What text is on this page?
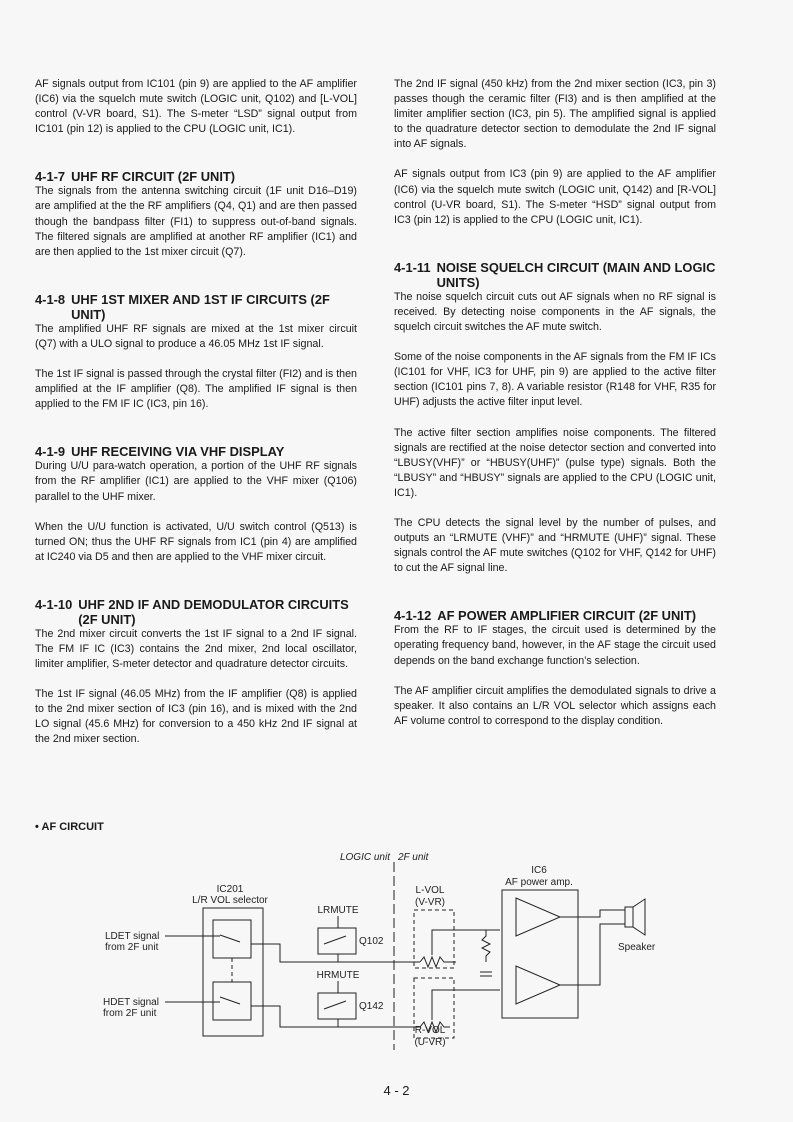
AF signals output from IC101 (pin 9) are applied to the AF amplifier (IC6) via the squelch mute switch (LOGIC unit, Q102) and [L-VOL] control (V-VR board, S1). The S-meter “LSD” signal output from IC101 (pin 12) is applied to the CPU (LOGIC unit, IC1).

4-1-7 UHF RF CIRCUIT (2F UNIT)

The signals from the antenna switching circuit (1F unit D16–D19) are amplified at the the RF amplifiers (Q4, Q1) and are then passed though the bandpass filter (FI1) to suppress out-of-band signals. The filtered signals are amplified at another RF amplifier (IC1) and are then applied to the 1st mixer circuit (Q7).

4-1-8 UHF 1ST MIXER AND 1ST IF CIRCUITS (2F UNIT)

The amplified UHF RF signals are mixed at the 1st mixer circuit (Q7) with a ULO signal to produce a 46.05 MHz 1st IF signal.

The 1st IF signal is passed through the crystal filter (FI2) and is then amplified at the IF amplifier (Q8). The amplified IF signal is then applied to the FM IF IC (IC3, pin 16).

4-1-9 UHF RECEIVING VIA VHF DISPLAY

During U/U para-watch operation, a portion of the UHF RF signals from the RF amplifier (IC1) are applied to the VHF mixer (Q106) parallel to the UHF mixer.

When the U/U function is activated, U/U switch control (Q513) is turned ON; thus the UHF RF signals from IC1 (pin 4) are amplified at IC240 via D5 and then are applied to the VHF mixer circuit.

4-1-10 UHF 2ND IF AND DEMODULATOR CIRCUITS (2F UNIT)

The 2nd mixer circuit converts the 1st IF signal to a 2nd IF signal. The FM IF IC (IC3) contains the 2nd mixer, 2nd local oscillator, limiter amplifier, S-meter detector and quadrature detector circuits.

The 1st IF signal (46.05 MHz) from the IF amplifier (Q8) is applied to the 2nd mixer section of IC3 (pin 16), and is mixed with the 2nd LO signal (45.6 MHz) for conversion to a 450 kHz 2nd IF signal at the 2nd mixer section.

The 2nd IF signal (450 kHz) from the 2nd mixer section (IC3, pin 3) passes though the ceramic filter (FI3) and is then amplified at the limiter amplifier section (IC3, pin 5). The amplified signal is applied to the quadrature detector section to demodulate the 2nd IF signal into AF signals.

AF signals output from IC3 (pin 9) are applied to the AF amplifier (IC6) via the squelch mute switch (LOGIC unit, Q142) and [R-VOL] control (U-VR board, S1). The S-meter “HSD” signal output from IC3 (pin 12) is applied to the CPU (LOGIC unit, IC1).

4-1-11 NOISE SQUELCH CIRCUIT (MAIN AND LOGIC UNITS)

The noise squelch circuit cuts out AF signals when no RF signal is received. By detecting noise components in the AF signals, the squelch circuit switches the AF mute switch.

Some of the noise components in the AF signals from the FM IF ICs (IC101 for VHF, IC3 for UHF, pin 9) are applied to the active filter section (IC101 pins 7, 8). A variable resistor (R148 for VHF, R35 for UHF) adjusts the active filter input level.

The active filter section amplifies noise components. The filtered signals are rectified at the noise detector section and converted into “LBUSY(VHF)” or “HBUSY(UHF)” (pulse type) signals. Both the “LBUSY” and “HBUSY” signals are applied to the CPU (LOGIC unit, IC1).

The CPU detects the signal level by the number of pulses, and outputs an “LRMUTE (VHF)” and “HRMUTE (UHF)” signal. These signals control the AF mute switches (Q102 for VHF, Q142 for UHF) to cut the AF signal line.

4-1-12 AF POWER AMPLIFIER CIRCUIT (2F UNIT)

From the RF to IF stages, the circuit used is determined by the operating frequency band, however, in the AF stage the circuit used depends on the band exchange function’s selection.

The AF amplifier circuit amplifies the demodulated signals to drive a speaker. It also contains an L/R VOL selector which assigns each AF volume control to correspond to the display condition.

• AF CIRCUIT
LOGIC unit 2F unit
IC201
L/R VOL selector
LDET signal
from 2F unit
HDET signal
from 2F unit
LRMUTE
Q102
HRMUTE
Q142
L-VOL
(V-VR)
R-VOL
(U-VR)
IC6
AF power amp.
Speaker
4 - 2
